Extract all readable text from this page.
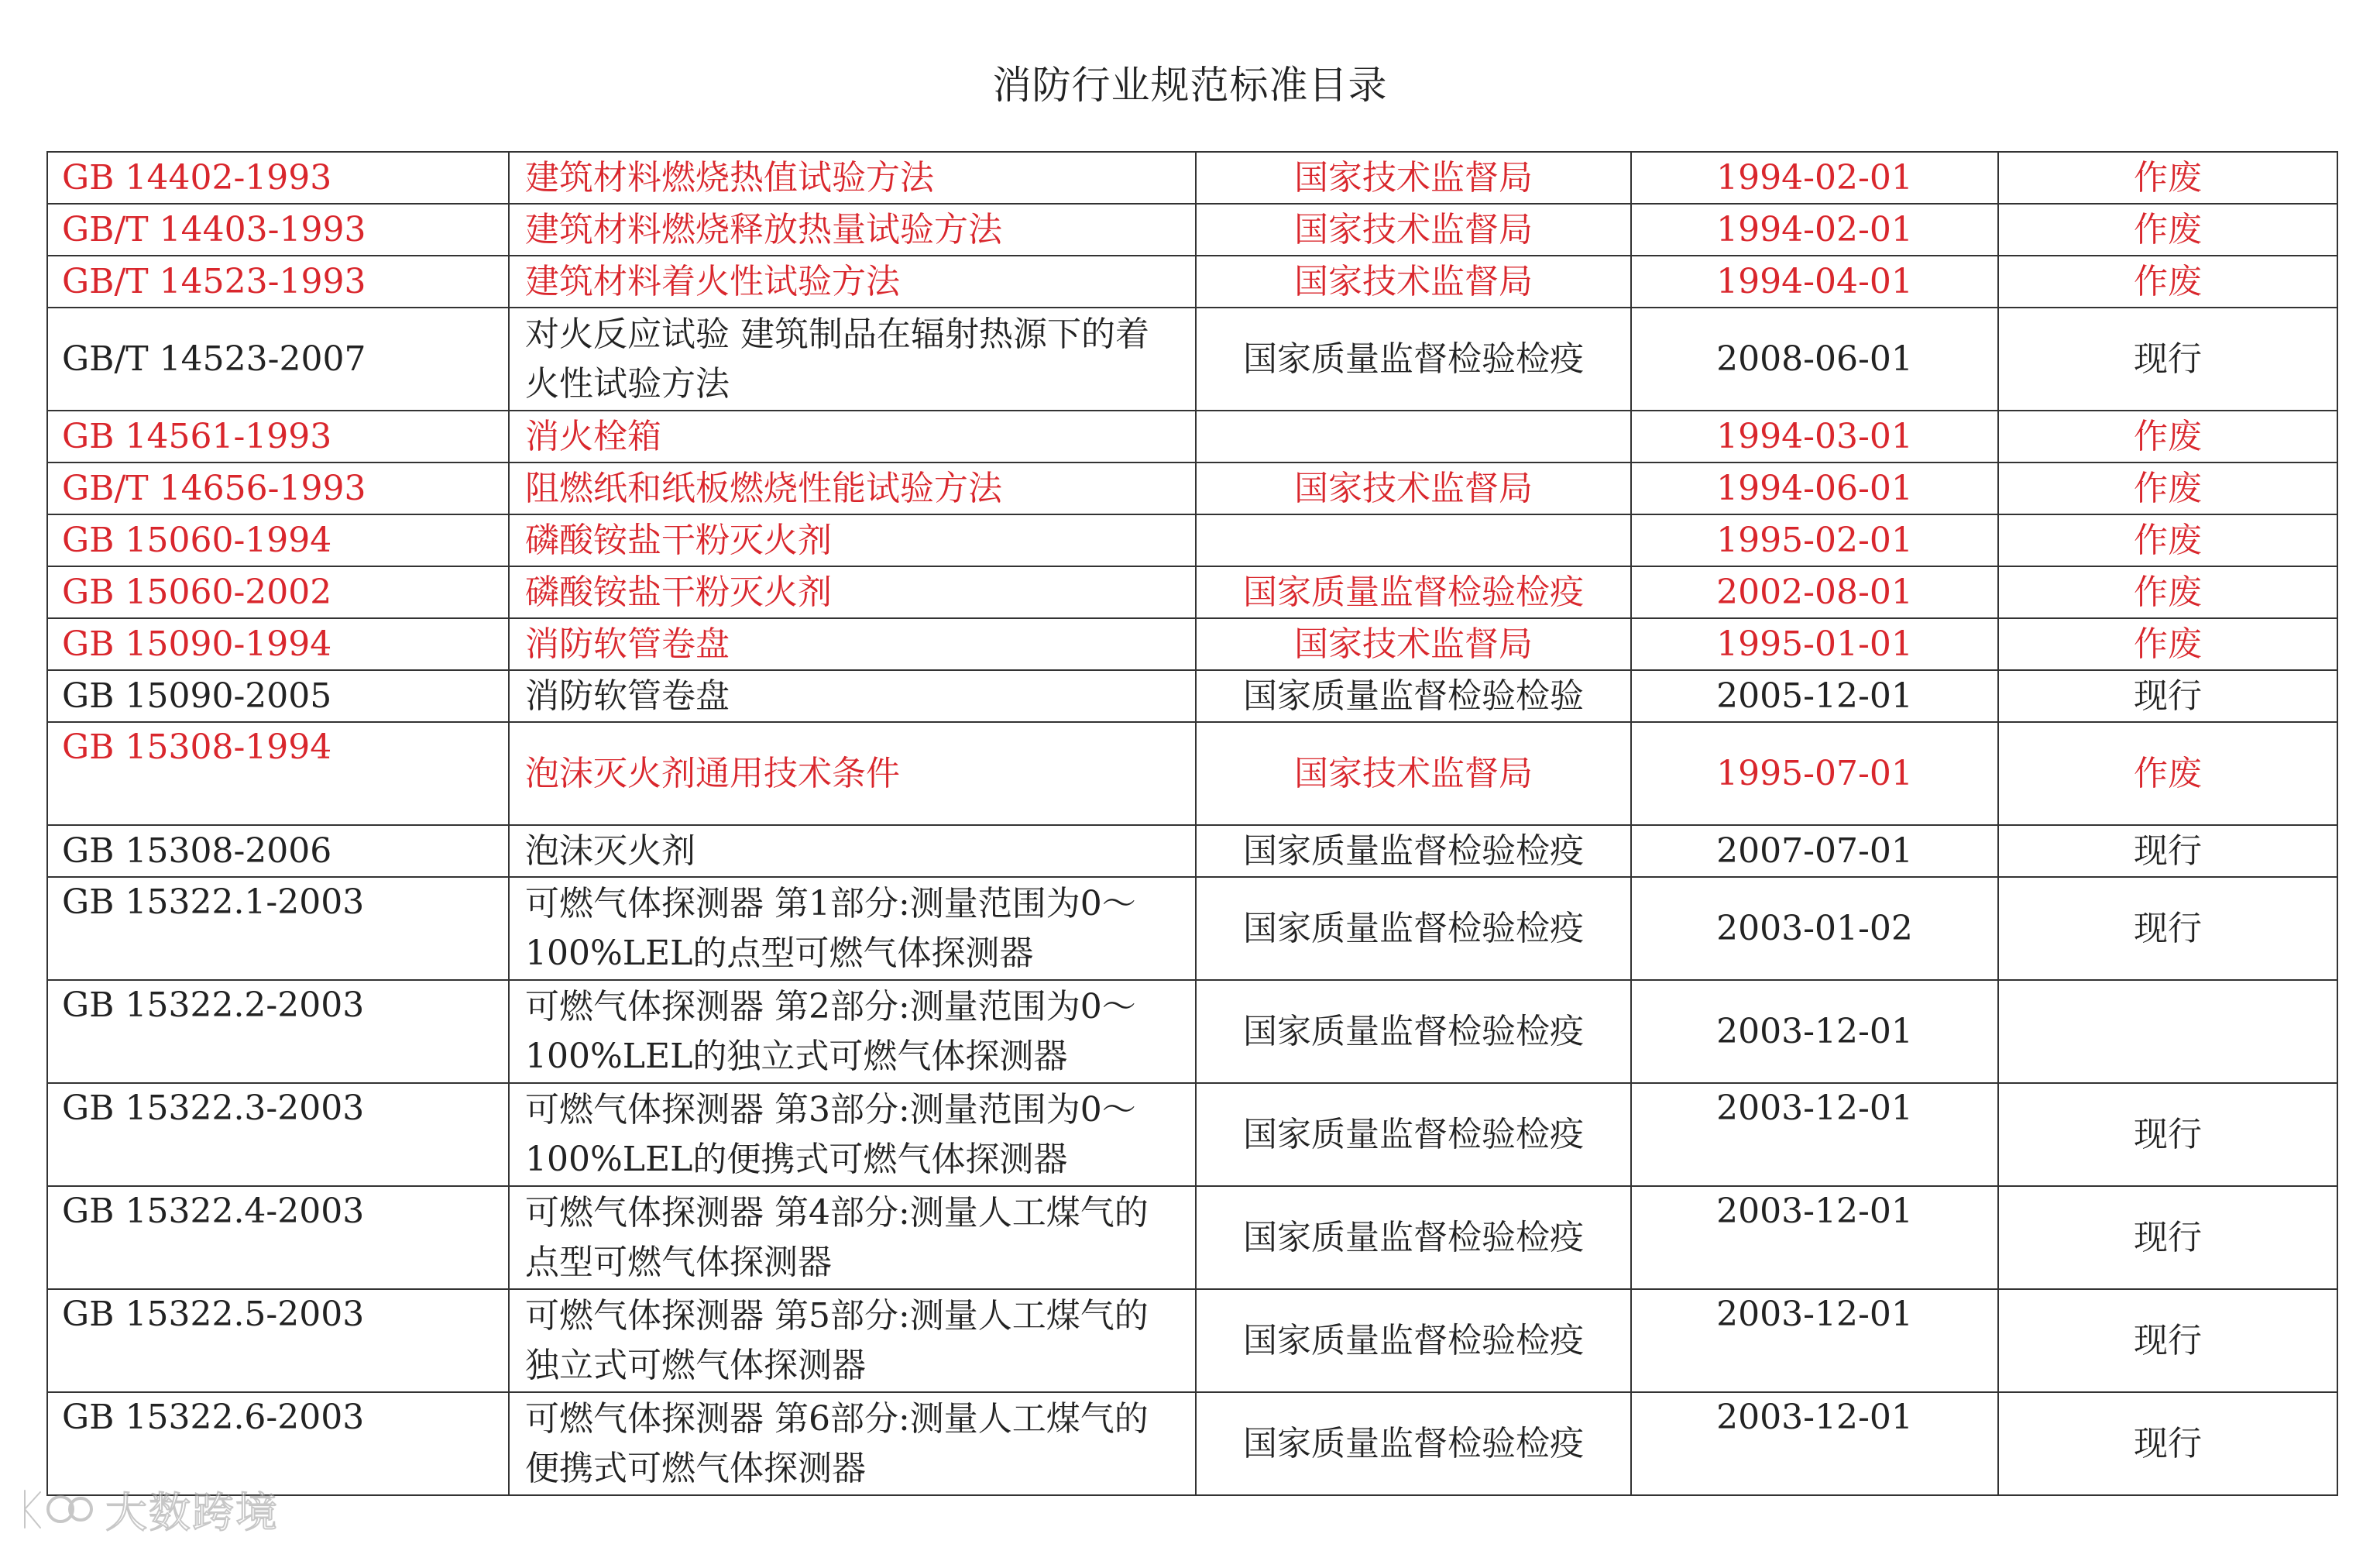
消防行业规范标准目录
GB 14402-1993	建筑材料燃烧热值试验方法	国家技术监督局	1994-02-01	作废
GB/T 14403-1993	建筑材料燃烧释放热量试验方法	国家技术监督局	1994-02-01	作废
GB/T 14523-1993	建筑材料着火性试验方法	国家技术监督局	1994-04-01	作废
GB/T 14523-2007	对火反应试验 建筑制品在辐射热源下的着火性试验方法	国家质量监督检验检疫	2008-06-01	现行
GB 14561-1993	消火栓箱		1994-03-01	作废
GB/T 14656-1993	阻燃纸和纸板燃烧性能试验方法	国家技术监督局	1994-06-01	作废
GB 15060-1994	磷酸铵盐干粉灭火剂		1995-02-01	作废
GB 15060-2002	磷酸铵盐干粉灭火剂	国家质量监督检验检疫	2002-08-01	作废
GB 15090-1994	消防软管卷盘	国家技术监督局	1995-01-01	作废
GB 15090-2005	消防软管卷盘	国家质量监督检验检验	2005-12-01	现行
GB 15308-1994	泡沫灭火剂通用技术条件	国家技术监督局	1995-07-01	作废
GB 15308-2006	泡沫灭火剂	国家质量监督检验检疫	2007-07-01	现行
GB 15322.1-2003	可燃气体探测器 第1部分:测量范围为0～100%LEL的点型可燃气体探测器	国家质量监督检验检疫	2003-01-02	现行
GB 15322.2-2003	可燃气体探测器 第2部分:测量范围为0～100%LEL的独立式可燃气体探测器	国家质量监督检验检疫	2003-12-01	
GB 15322.3-2003	可燃气体探测器 第3部分:测量范围为0～100%LEL的便携式可燃气体探测器	国家质量监督检验检疫	2003-12-01	现行
GB 15322.4-2003	可燃气体探测器 第4部分:测量人工煤气的点型可燃气体探测器	国家质量监督检验检疫	2003-12-01	现行
GB 15322.5-2003	可燃气体探测器 第5部分:测量人工煤气的独立式可燃气体探测器	国家质量监督检验检疫	2003-12-01	现行
GB 15322.6-2003	可燃气体探测器 第6部分:测量人工煤气的便携式可燃气体探测器	国家质量监督检验检疫	2003-12-01	现行
大数跨境
